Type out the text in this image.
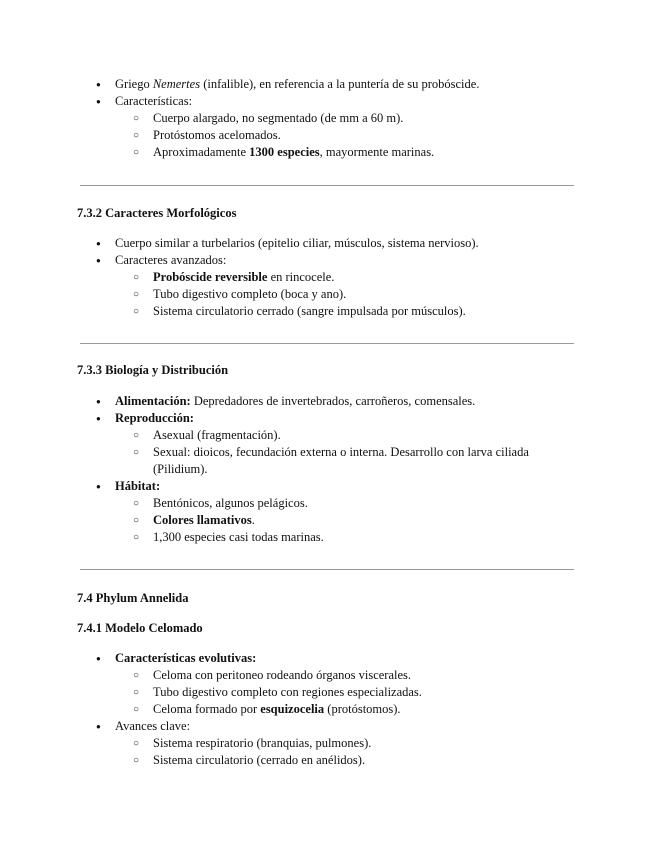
● Griego Nemertes (infalible), en referencia a la puntería de su probóscide.
● Características:
○ Cuerpo alargado, no segmentado (de mm a 60 m).
○ Protóstomos acelomados.
○ Aproximadamente 1300 especies, mayormente marinas.

7.3.2 Caracteres Morfológicos

● Cuerpo similar a turbelarios (epitelio ciliar, músculos, sistema nervioso).
● Caracteres avanzados:
○ Probóscide reversible en rincocele.
○ Tubo digestivo completo (boca y ano).
○ Sistema circulatorio cerrado (sangre impulsada por músculos).

7.3.3 Biología y Distribución

● Alimentación: Depredadores de invertebrados, carroñeros, comensales.
● Reproducción:
○ Asexual (fragmentación).
○ Sexual: dioicos, fecundación externa o interna. Desarrollo con larva ciliada (Pilidium).
● Hábitat:
○ Bentónicos, algunos pelágicos.
○ Colores llamativos.
○ 1,300 especies casi todas marinas.

7.4 Phylum Annelida

7.4.1 Modelo Celomado

● Características evolutivas:
○ Celoma con peritoneo rodeando órganos viscerales.
○ Tubo digestivo completo con regiones especializadas.
○ Celoma formado por esquizocelia (protóstomos).
● Avances clave:
○ Sistema respiratorio (branquias, pulmones).
○ Sistema circulatorio (cerrado en anélidos).
